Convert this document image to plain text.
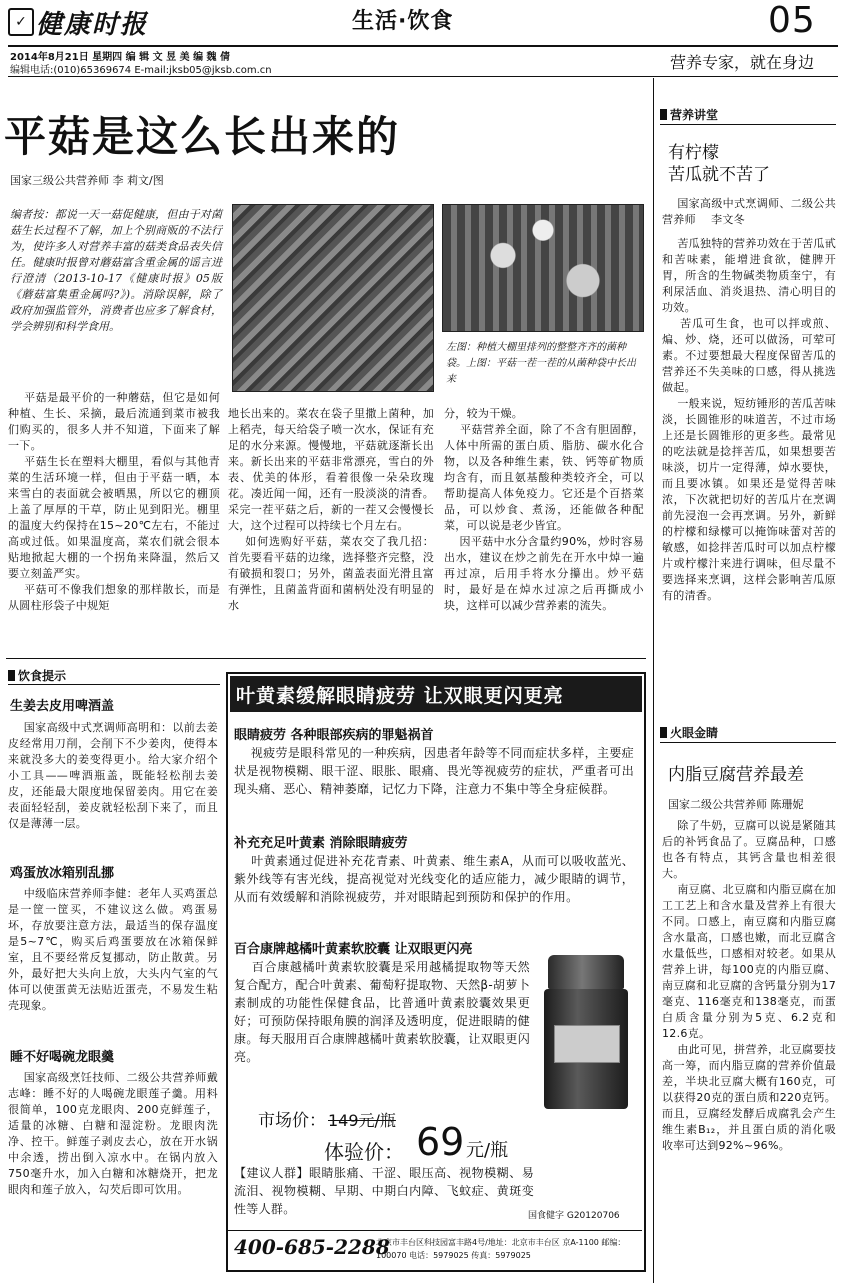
✓ 健康时报	生活·饮食	05
2014年8月21日 星期四 编 辑 文 昱 美 编 魏 倩
编辑电话:(010)65369674 E-mail:jksb05@jksb.com.cn	营养专家，就在身边
平菇是这么长出来的
国家三级公共营养师 李 莉文/图
编者按：都说一天一菇促健康，但由于对菌菇生长过程不了解，加上个别商贩的不法行为，使许多人对营养丰富的菇类食品表失信任。健康时报曾对蘑菇富含重金属的谣言进行澄清（2013-10-17《健康时报》05版《蘑菇富集重金属吗?》)。消除误解，除了政府加强监管外，消费者也应多了解食材，学会辨别和科学食用。
左图：种植大棚里排列的整整齐齐的菌种袋。上图：平菇一茬一茬的从菌种袋中长出来
平菇是最平价的一种蘑菇，但它是如何种植、生长、采摘，最后流通到菜市被我们购买的，很多人并不知道，下面来了解一下。
平菇生长在塑料大棚里，看似与其他青菜的生活环境一样，但由于平菇一晒，本来雪白的表面就会被晒黑，所以它的棚顶上盖了厚厚的干草，防止见到阳光。棚里的温度大约保持在15~20℃左右，不能过高或过低。如果温度高，菜农们就会很本贴地掀起大棚的一个拐角来降温，然后又要立刻盖严实。
平菇可不像我们想象的那样散长，而是从圆柱形袋子中规矩
地长出来的。菜农在袋子里撒上菌种，加上稻壳，每天给袋子喷一次水，保证有充足的水分来源。慢慢地，平菇就逐渐长出来。新长出来的平菇非常漂亮，雪白的外表、优美的体形，看着很像一朵朵玫瑰花。凑近闻一闻，还有一股淡淡的清香。采完一茬平菇之后，新的一茬又会慢慢长大，这个过程可以持续七个月左右。
如何选购好平菇，菜农交了我几招：首先要看平菇的边缘，选择整齐完整，没有破损和裂口；另外，菌盖表面光滑且富有弹性，且菌盖背面和菌柄处没有明显的水
分，较为干燥。
平菇营养全面，除了不含有胆固醇，人体中所需的蛋白质、脂肪、碳水化合物，以及各种维生素，铁、钙等矿物质均含有，而且氨基酸种类较齐全，可以帮助提高人体免疫力。它还是个百搭菜品，可以炒食、煮汤，还能做各种配菜，可以说是老少皆宜。
因平菇中水分含量约90%，炒时容易出水，建议在炒之前先在开水中焯一遍再过凉，后用手将水分攥出。炒平菇时，最好是在焯水过凉之后再撕成小块，这样可以减少营养素的流失。
饮食提示
生姜去皮用啤酒盖
国家高级中式烹调师高明和：以前去姜皮经常用刀削，会削下不少姜肉，使得本来就没多大的姜变得更小。给大家介绍个小工具——啤酒瓶盖，既能轻松削去姜皮，还能最大限度地保留姜肉。用它在姜表面轻轻刮，姜皮就轻松刮下来了，而且仅是薄薄一层。
鸡蛋放冰箱别乱挪
中级临床营养师李健：老年人买鸡蛋总是一筐一筐买，不建议这么做。鸡蛋易坏，存放要注意方法，最适当的保存温度是5~7℃，购买后鸡蛋要放在冰箱保鲜室，且不要经常反复挪动，防止散黄。另外，最好把大头向上放，大头内气室的气体可以使蛋黄无法贴近蛋壳，不易发生粘壳现象。
睡不好喝碗龙眼羹
国家高级烹饪技师、二级公共营养师戴志峰：睡不好的人喝碗龙眼莲子羹。用料很简单，100克龙眼肉、200克鲜莲子，适量的冰糖、白糖和湿淀粉。龙眼肉洗净、控干。鲜莲子剥皮去心，放在开水锅中余透，捞出倒入凉水中。在锅内放入750毫升水，加入白糖和冰糖烧开，把龙眼肉和莲子放入，勾芡后即可饮用。
叶黄素缓解眼睛疲劳 让双眼更闪更亮
眼睛疲劳 各种眼部疾病的罪魁祸首
视疲劳是眼科常见的一种疾病，因患者年龄等不同而症状多样，主要症状是视物模糊、眼干涩、眼胀、眼痛、畏光等视疲劳的症状，严重者可出现头痛、恶心、精神萎靡，记忆力下降，注意力不集中等全身症候群。
补充充足叶黄素 消除眼睛疲劳
叶黄素通过促进补充花青素、叶黄素、维生素A，从而可以吸收蓝光、紫外线等有害光线，提高视觉对光线变化的适应能力，减少眼睛的调节，从而有效缓解和消除视疲劳，并对眼睛起到预防和保护的作用。
百合康牌越橘叶黄素软胶囊 让双眼更闪亮
百合康越橘叶黄素软胶囊是采用越橘提取物等天然复合配方，配合叶黄素、葡萄籽提取物、天然β-胡萝卜素制成的功能性保健食品，比普通叶黄素胶囊效果更好；可预防保持眼角膜的润泽及透明度，促进眼睛的健康。每天服用百合康牌越橘叶黄素软胶囊，让双眼更闪亮。
市场价： 149元/瓶
体验价： 69 元/瓶
【建议人群】眼睛胀痛、干涩、眼压高、视物模糊、易流泪、视物模糊、早期、中期白内障、飞蚊症、黄斑变性等人群。	国食健字 G20120706
400-685-2288
北京市丰台区科技园富丰路4号/地址：北京市丰台区 京A-1100 邮编：100070 电话：5979025 传真：5979025
营养讲堂
有柠檬
苦瓜就不苦了
国家高级中式烹调师、二级公共营养师    李文冬
苦瓜独特的营养功效在于苦瓜甙和苦味素，能增进食欲，健脾开胃，所含的生物碱类物质奎宁，有利尿活血、消炎退热、清心明目的功效。
苦瓜可生食，也可以拌或煎、煸、炒、烧，还可以做汤，可荤可素。不过要想最大程度保留苦瓜的营养还不失美味的口感，得从挑选做起。
一般来说，短纺锤形的苦瓜苦味淡，长圆锥形的味道苦，不过市场上还是长圆锥形的更多些。最常见的吃法就是捻拌苦瓜，如果想要苦味淡，切片一定得薄，焯水要快，而且要冰镇。如果还是觉得苦味浓，下次就把切好的苦瓜片在烹调前先浸泡一会再烹调。另外，新鲜的柠檬和绿檬可以掩饰味蕾对苦的敏感，如捻拌苦瓜时可以加点柠檬片或柠檬汁来进行调味，但尽量不要选择来烹调，这样会影响苦瓜原有的清香。
火眼金睛
内脂豆腐营养最差
国家二级公共营养师 陈珊妮
除了牛奶，豆腐可以说是紧随其后的补钙食品了。豆腐品种，口感也各有特点，其钙含量也相差很大。
南豆腐、北豆腐和内脂豆腐在加工工艺上和含水量及营养上有很大不同。口感上，南豆腐和内脂豆腐含水量高，口感也嫩，而北豆腐含水量低些，口感相对较老。如果从营养上讲，每100克的内脂豆腐、南豆腐和北豆腐的含钙量分别为17毫克、116毫克和138毫克，而蛋白质含量分别为5克、6.2克和12.6克。
由此可见，拼营养，北豆腐要技高一筹，而内脂豆腐的营养价值最差，半块北豆腐大概有160克，可以获得20克的蛋白质和220克钙。而且，豆腐经发酵后成腐乳会产生维生素B₁₂，并且蛋白质的消化吸收率可达到92%~96%。
